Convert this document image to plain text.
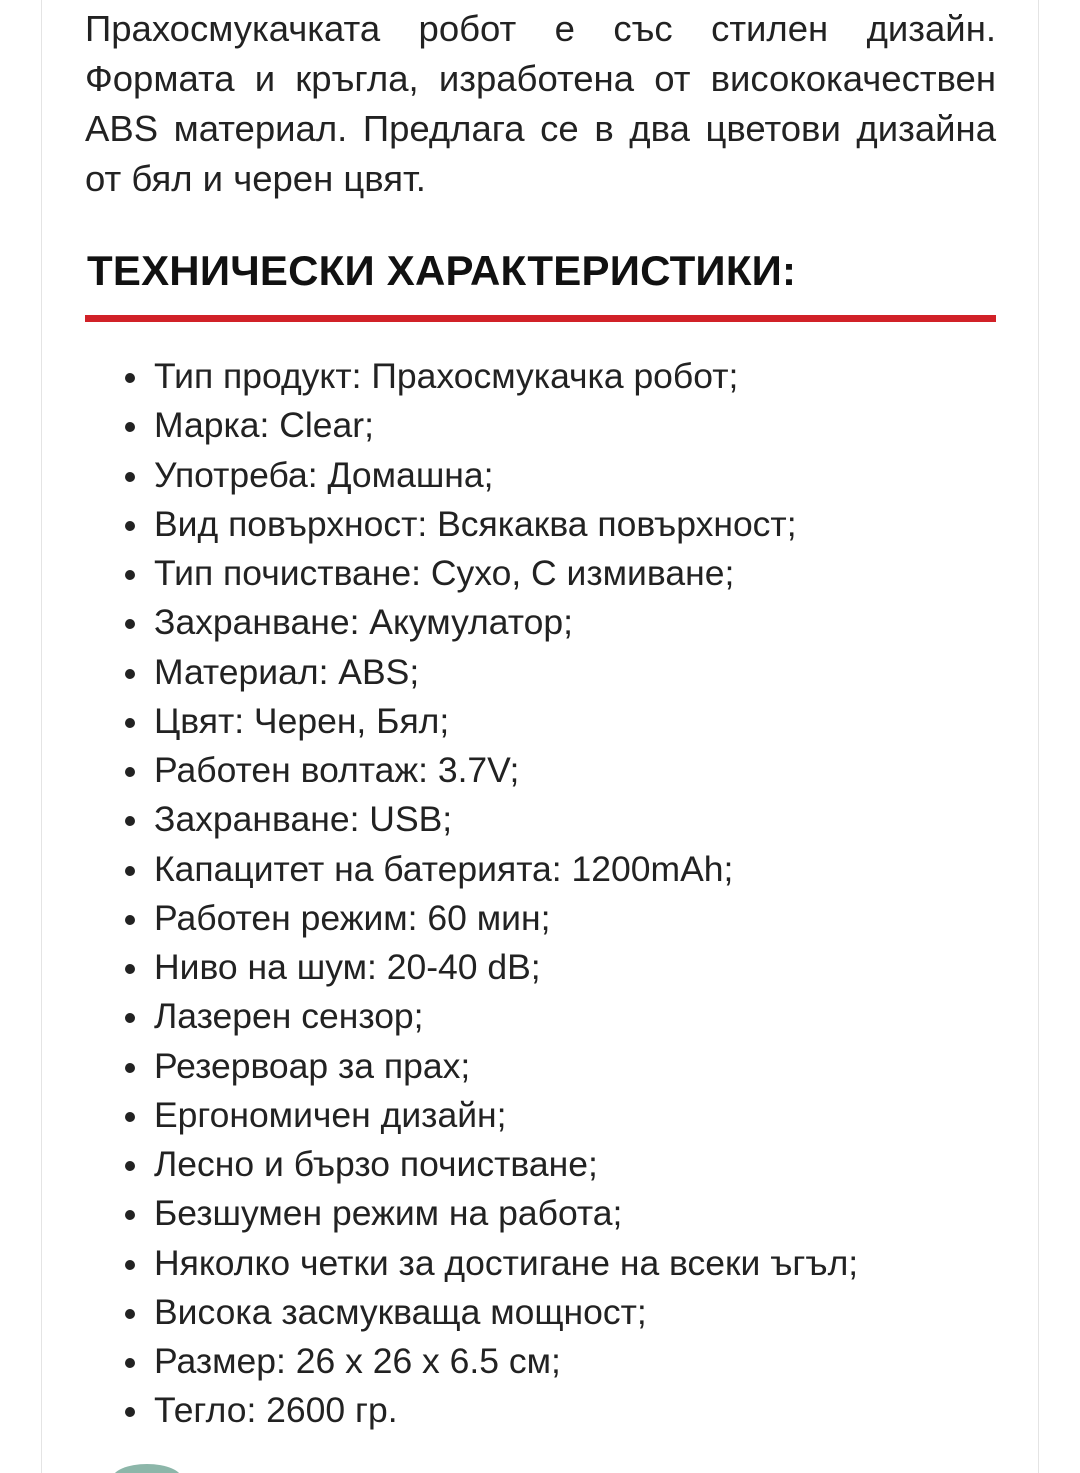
Прахосмукачката робот е със стилен дизайн. Формата и кръгла, изработена от висококачествен ABS материал. Предлага се в два цветови дизайна от бял и черен цвят.

ТЕХНИЧЕСКИ ХАРАКТЕРИСТИКИ:
Тип продукт: Прахосмукачка робот;
Марка: Clear;
Употреба: Домашна;
Вид повърхност: Всякаква повърхност;
Тип почистване: Сухо, С измиване;
Захранване: Акумулатор;
Материал: ABS;
Цвят: Черен, Бял;
Работен волтаж: 3.7V;
Захранване: USB;
Капацитет на батерията: 1200mAh;
Работен режим: 60 мин;
Ниво на шум: 20-40 dB;
Лазерен сензор;
Резервоар за прах;
Ергономичен дизайн;
Лесно и бързо почистване;
Безшумен режим на работа;
Няколко четки за достигане на всеки ъгъл;
Висока засмукваща мощност;
Размер: 26 x 26 x 6.5 см;
Тегло: 2600 гр.
